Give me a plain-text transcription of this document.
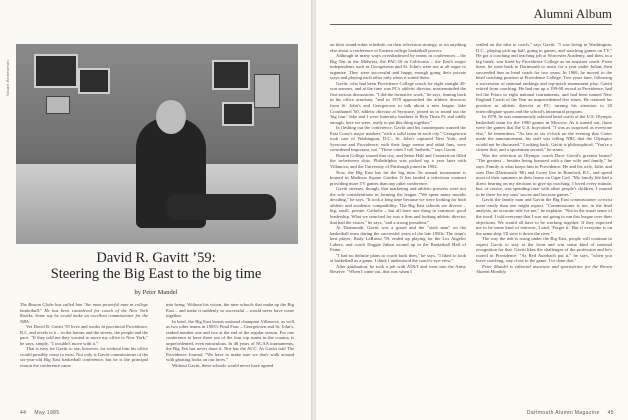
Stuart Bratesman
David R. Gavitt ’59:
Steering the Big East to the big time
by Peter Mandel

The Boston Globe has called him "the most powerful man in college basketball." He has been considered for coach of the New York Knicks. Some say he would make an excellent commissioner for the NBA.

Yet David R. Gavitt '59 lives and works in provincial Providence, R.I., and revels in it – in the homes and the streets, the people and the pace. "If they told me they wanted to move my office to New York," he says, simply, "I wouldn't move with it."

That is easy for Gavitt to say, however, for without him his office would possibly cease to exist. Not only is Gavitt commissioner of the six-year-old Big East basketball conference, but he is the principal reason the conference came

into being. Without his vision, the nine schools that make up the Big East – and make it suddenly so successful – would never have come together.

In brief, the Big East boasts national champion Villanova, as well as two other teams in 1985's Final Four – Georgetown and St. John's, ranked number one and two at the end of the regular season. For one conference to have three out of the four top teams in the country is unprecedented, even miraculous. In 46 years of NCAA tournaments, the Big Ten has never done it. Nor has the ACC. As Gavitt told The Providence Journal, "We have to make sure we don't walk around with gloating looks on our faces."

Without Gavitt, these schools would never have agreed

44 May 1985
Alumni Album

on their round-robin schedule, on their television strategy, or on anything else about a conference of Eastern college basketball powers.

Although in many ways overshadowed by teams in conferences – the Big Ten in the Midwest, the PAC-10 in California – the East's major independents such as Georgetown and St. John's were not at all eager to organize. They were successful and happy enough going their private ways and playing each other only when it suited them.

Gavitt, who had been Providence College coach for eight straight 20-win seasons, and at the time was PC's athletic director, masterminded the first serious discussions. "I did the formative work," he says, leaning back in his office armchair, "and in 1978 approached the athletic directors from St. John's and Georgetown to talk about a new league. Jake Crouthamel '60, athletic director at Syracuse, joined us to round out the 'big four.' Jake and I were fraternity brothers at Beta Theta Pi, and oddly enough, here we were, ready to put this thing together."

In fleshing out the conference, Gavitt and his counterparts wanted the East Coast's major markets "with a solid team in each city." Georgetown took care of Washington, D.C., St. John's captured New York, and Syracuse and Providence, with their large arenas and rabid fans, were considered important, too. "These cities I call 'hotbeds,'" says Gavitt.

Boston College soared that city, and Seton Hall and Connecticut filled the in-between slots. Philadelphia was picked up a year later with Villanova, and the University of Pittsburgh joined in 1982.

Now, the Big East has hit the big time. Its annual tournament is housed in Madison Square Garden. It has landed a television contract providing more TV games than any other conference.

Gavitt stresses, though, that marketing and athletic prowess were not the sole considerations in forming the league. "We spent many months deciding," he says. "It took a long time because we were looking for both athletic and academic compatibility. The Big East schools are diverse – big, small, private, Catholic – but all have one thing in common: good leadership. What we searched for was a firm and looking athletic director that had the vision," he says, "and a strong president."

At Dartmouth, Gavitt was a guard and the "sixth man" on the basketball team during the successful years of the late 1950s. The team's best player, Rudy LaRusso '59, ended up playing for the Los Angeles Lakers, and coach Doggie Julian wound up in the Basketball Hall of Fame.

"I had no definite plans to coach back then," he says. "I liked to look at basketball as a game, I think I understood the coach's-eye-view."

After graduation, he took a job with AT&T and went into the Army Reserve. "When I came out, that was when I

settled on the idea to coach," says Gavitt. "I was living in Washington, D.C., playing pick-up ball, going to games, and watching games on TV." He got a coaching and teaching job at Worcester Academy, and then, in a big break, was hired by Providence College as an assistant coach. From there, he went back to Dartmouth to assist for a year under Julian, then succeeded him as head coach for two years. In 1969, he moved to the head coaching position at Providence College. Two years later, following a succession of national rankings and top-notch tournament play, Gavitt retired from coaching. He had run up a 199-68 record at Providence, had led the Friars to eight national tournaments, and had been named New England Coach of the Year an unprecedented five times. He retained his position as athletic director at PC, turning his attention to 20 intercollegiate sports and the school's intramural program.

In 1978, he was unanimously selected head coach of the U.S. Olympic basketball team for the 1980 games in Moscow. As it turned out, those were the games that the U.S. boycotted. "I was as surprised as everyone else," he remembers. "As late as six o'clock on the evening that Carter made the announcement, his staff was telling NBC that the Olympics would not be discussed." Looking back, Gavitt is philosophical. "You're a citizen first, and a sportsman second," he states.

Was the selection as Olympic coach Dave Gavitt's greatest honor? "The greatest – besides being honored with a fine wife and family," he says. Family is what keeps him in Providence. He and his wife, Julie, and sons Dan (Dartmouth '86) and Corey live in Rumford, R.I., and spend most of their summers in their house on Cape Cod. "My family life had a direct bearing on my decision to give up coaching. I loved every minute, but, of course, was spending time with other people's children. I wanted to be there for my sons' soccer and lacrosse games."

Gavitt the family man and Gavitt the Big East commissioner co-exist more easily than one might expect. "Commissioner is not, in the final analysis, an accurate title for me," he explains. "Not in the usual sense of the word. I told everyone that I was not going to run this league over their objections. We would all have to be working together. If they expected me to be some kind of enforcer, I said, 'Forget it.' But if everyone is on the same ship, I'll steer it down the river."

The way the tide is rising under the Big East, people will continue to expect Gavitt to stay at the front and win some kind of national recognition for that. Gavitt likes the challenges of the profession and he's rooted in Providence. "As Red Auerbach put it," he says, "when you leave coaching, stay close to the game. I've done that."

Peter Mandel is editorial associate and sportswriter for the Brown Alumni Monthly.

Dartmouth Alumni Magazine 45
